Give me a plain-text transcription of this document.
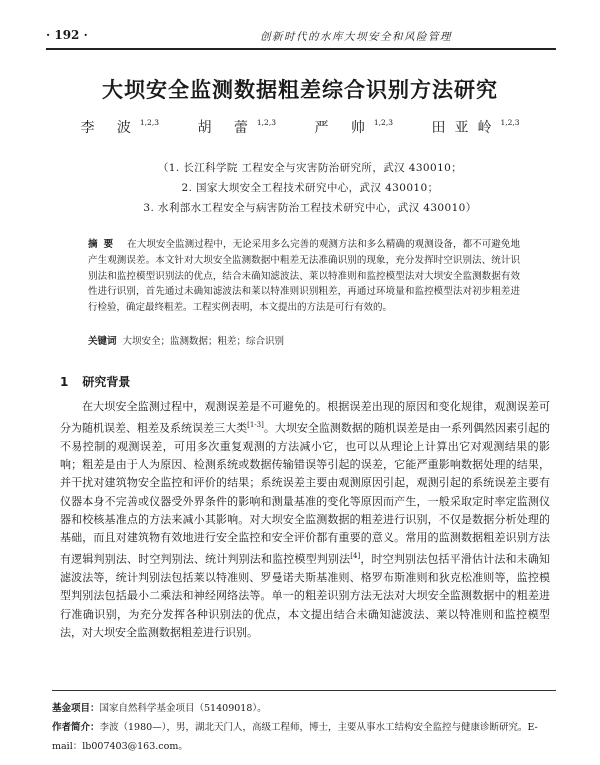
· 192 ·	创新时代的水库大坝安全和风险管理
大坝安全监测数据粗差综合识别方法研究
李 波$^{1,2,3}$	胡 蕾$^{1,2,3}$	严 帅$^{1,2,3}$	田亚岭$^{1,2,3}$
（1. 长江科学院 工程安全与灾害防治研究所，武汉 430010；
2. 国家大坝安全工程技术研究中心，武汉 430010；
3. 水利部水工程安全与病害防治工程技术研究中心，武汉 430010）
摘要 在大坝安全监测过程中，无论采用多么完善的观测方法和多么精确的观测设备，都不可避免地产生观测误差。本文针对大坝安全监测数据中粗差无法准确识别的现象，充分发挥时空识别法、统计识别法和监控模型识别法的优点，结合未确知滤波法、莱以特准则和监控模型法对大坝安全监测数据有效性进行识别，首先通过未确知滤波法和莱以特准则识别粗差，再通过环境量和监控模型法对初步粗差进行检验，确定最终粗差。工程实例表明，本文提出的方法是可行有效的。
关键词 大坝安全；监测数据；粗差；综合识别
1 研究背景
在大坝安全监测过程中，观测误差是不可避免的。根据误差出现的原因和变化规律，观测误差可分为随机误差、粗差及系统误差三大类[1-3]。大坝安全监测数据的随机误差是由一系列偶然因素引起的不易控制的观测误差，可用多次重复观测的方法减小它，也可以从理论上计算出它对观测结果的影响；粗差是由于人为原因、检测系统或数据传输错误等引起的误差，它能严重影响数据处理的结果，并干扰对建筑物安全监控和评价的结果；系统误差主要由观测原因引起，观测引起的系统误差主要有仪器本身不完善或仪器受外界条件的影响和测量基准的变化等原因而产生，一般采取定时率定监测仪器和校核基准点的方法来减小其影响。对大坝安全监测数据的粗差进行识别，不仅是数据分析处理的基础，而且对建筑物有效地进行安全监控和安全评价都有重要的意义。常用的监测数据粗差识别方法有逻辑判别法、时空判别法、统计判别法和监控模型判别法[4]，时空判别法包括平滑估计法和未确知滤波法等，统计判别法包括莱以特准则、罗曼诺夫斯基准则、格罗布斯准则和狄克松准则等，监控模型判别法包括最小二乘法和神经网络法等。单一的粗差识别方法无法对大坝安全监测数据中的粗差进行准确识别，为充分发挥各种识别法的优点，本文提出结合未确知滤波法、莱以特准则和监控模型法，对大坝安全监测数据粗差进行识别。
基金项目：国家自然科学基金项目（51409018）。
作者简介：李波（1980—），男，湖北天门人，高级工程师，博士，主要从事水工结构安全监控与健康诊断研究。E-mail：lb007403@163.com。
